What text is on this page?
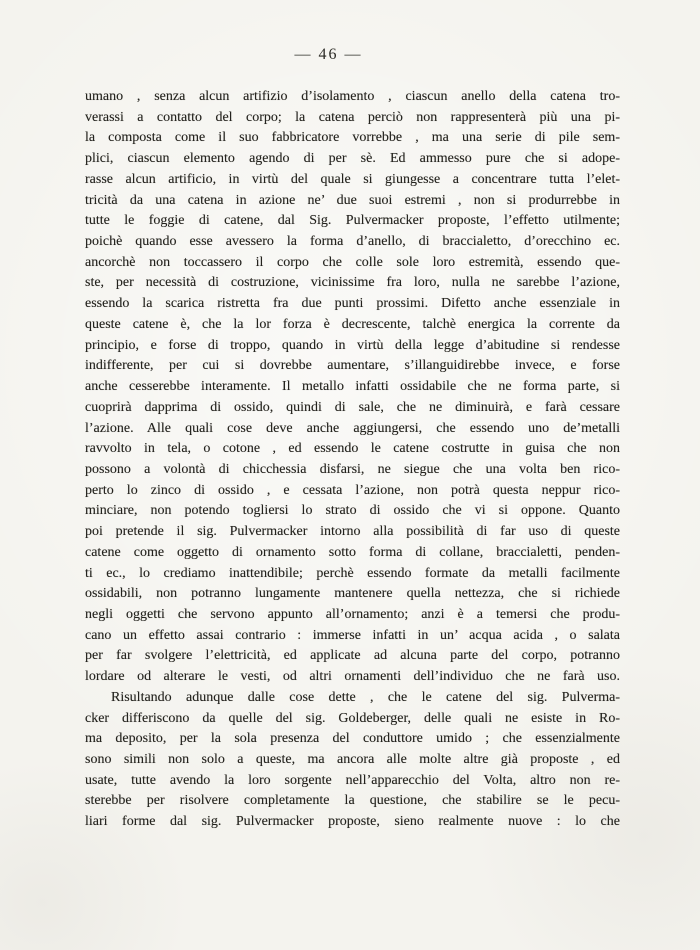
— 46 —
umano , senza alcun artifizio d’isolamento , ciascun anello della catena tro-
verassi a contatto del corpo; la catena perciò non rappresenterà più una pi-
la composta come il suo fabbricatore vorrebbe , ma una serie di pile sem-
plici, ciascun elemento agendo di per sè. Ed ammesso pure che si adope-
rasse alcun artificio, in virtù del quale si giungesse a concentrare tutta l’elet-
tricità da una catena in azione ne’ due suoi estremi , non si produrrebbe in
tutte le foggie di catene, dal Sig. Pulvermacker proposte, l’effetto utilmente;
poichè quando esse avessero la forma d’anello, di braccialetto, d’orecchino ec.
ancorchè non toccassero il corpo che colle sole loro estremità, essendo que-
ste, per necessità di costruzione, vicinissime fra loro, nulla ne sarebbe l’azione,
essendo la scarica ristretta fra due punti prossimi. Difetto anche essenziale in
queste catene è, che la lor forza è decrescente, talchè energica la corrente da
principio, e forse di troppo, quando in virtù della legge d’abitudine si rendesse
indifferente, per cui si dovrebbe aumentare, s’illanguidirebbe invece, e forse
anche cesserebbe interamente. Il metallo infatti ossidabile che ne forma parte, si
cuoprirà dapprima di ossido, quindi di sale, che ne diminuirà, e farà cessare
l’azione. Alle quali cose deve anche aggiungersi, che essendo uno de’metalli
ravvolto in tela, o cotone , ed essendo le catene costrutte in guisa che non
possono a volontà di chicchessia disfarsi, ne siegue che una volta ben rico-
perto lo zinco di ossido , e cessata l’azione, non potrà questa neppur rico-
minciare, non potendo togliersi lo strato di ossido che vi si oppone. Quanto
poi pretende il sig. Pulvermacker intorno alla possibilità di far uso di queste
catene come oggetto di ornamento sotto forma di collane, braccialetti, penden-
ti ec., lo crediamo inattendibile; perchè essendo formate da metalli facilmente
ossidabili, non potranno lungamente mantenere quella nettezza, che si richiede
negli oggetti che servono appunto all’ornamento; anzi è a temersi che produ-
cano un effetto assai contrario : immerse infatti in un’ acqua acida , o salata
per far svolgere l’elettricità, ed applicate ad alcuna parte del corpo, potranno
lordare od alterare le vesti, od altri ornamenti dell’individuo che ne farà uso.
Risultando adunque dalle cose dette , che le catene del sig. Pulverma-
cker differiscono da quelle del sig. Goldeberger, delle quali ne esiste in Ro-
ma deposito, per la sola presenza del conduttore umido ; che essenzialmente
sono simili non solo a queste, ma ancora alle molte altre già proposte , ed
usate, tutte avendo la loro sorgente nell’apparecchio del Volta, altro non re-
sterebbe per risolvere completamente la questione, che stabilire se le pecu-
liari forme dal sig. Pulvermacker proposte, sieno realmente nuove : lo che
